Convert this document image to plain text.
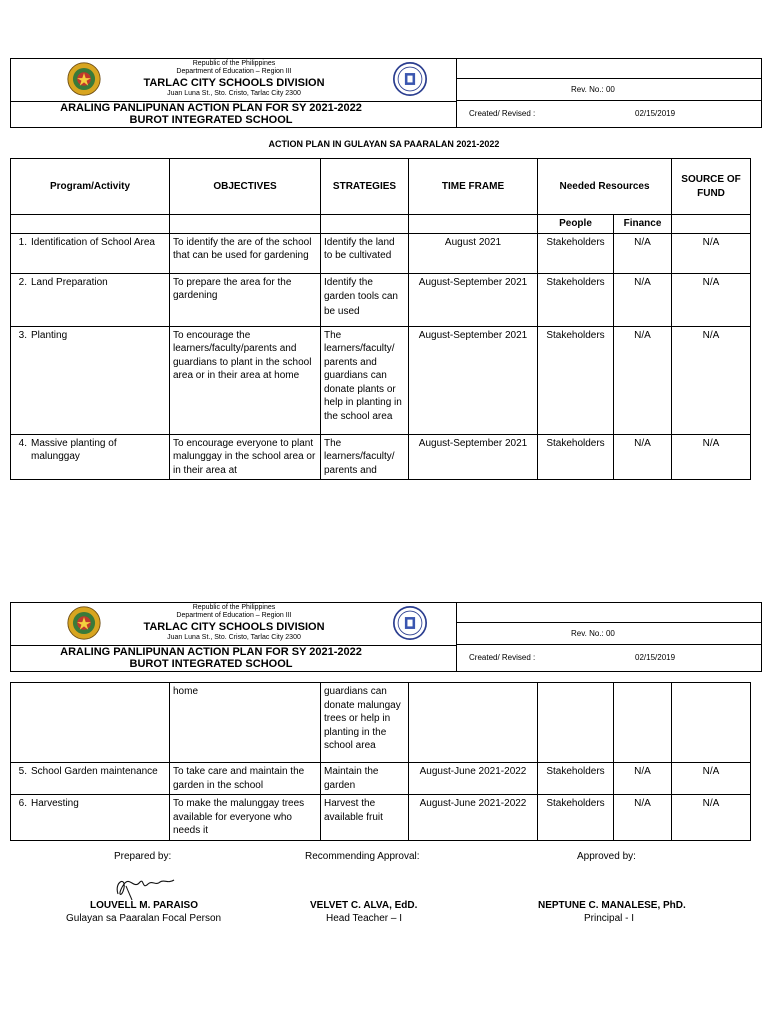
Republic of the Philippines
Department of Education – Region III
TARLAC CITY SCHOOLS DIVISION
Juan Luna St., Sto. Cristo, Tarlac City 2300
ARALING PANLIPUNAN ACTION PLAN FOR SY 2021-2022
BUROT INTEGRATED SCHOOL
Rev. No.: 00
Created/ Revised :	02/15/2019
ACTION PLAN IN GULAYAN SA PAARALAN 2021-2022
Program/Activity	OBJECTIVES	STRATEGIES	TIME FRAME	Needed Resources		SOURCE OF FUND
				People	Finance	

1. Identification of School Area	To identify the are of the school that can be used for gardening	Identify the land to be cultivated	August 2021	Stakeholders	N/A	N/A

2. Land Preparation	To prepare the area for the gardening	Identify the garden tools can be used	August-September 2021	Stakeholders	N/A	N/A

3. Planting	To encourage the learners/faculty/parents and guardians to plant in the school area or in their area at home	The learners/faculty/ parents and guardians can donate plants or help in planting in the school area	August-September 2021	Stakeholders	N/A	N/A

4. Massive planting of malunggay	To encourage everyone to plant malunggay in the school area or in their area at	The learners/faculty/ parents and	August-September 2021	Stakeholders	N/A	N/A
Republic of the Philippines
Department of Education – Region III
TARLAC CITY SCHOOLS DIVISION
Juan Luna St., Sto. Cristo, Tarlac City 2300
ARALING PANLIPUNAN ACTION PLAN FOR SY 2021-2022
BUROT INTEGRATED SCHOOL
Rev. No.: 00
Created/ Revised :	02/15/2019
	home	guardians can donate malungay trees or help in planting in the school area				

5. School Garden maintenance	To take care and maintain the garden in the school	Maintain the garden	August-June 2021-2022	Stakeholders	N/A	N/A

6. Harvesting	To make the malunggay trees available for everyone who needs it	Harvest the available fruit	August-June 2021-2022	Stakeholders	N/A	N/A
Prepared by:	Recommending Approval:	Approved by:
LOUVELL M. PARAISO
Gulayan sa Paaralan Focal Person
VELVET C. ALVA, EdD.
Head Teacher – I
NEPTUNE C. MANALESE, PhD.
Principal - I
